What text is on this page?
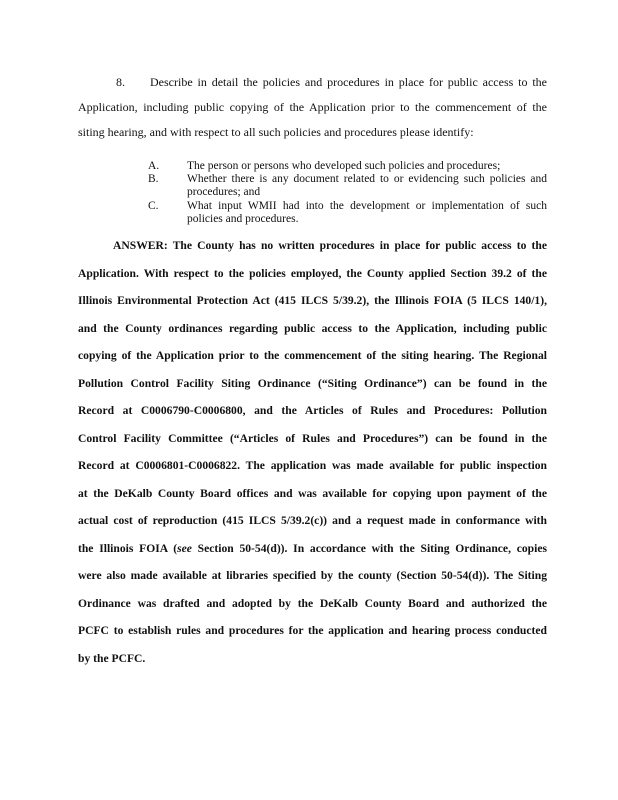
8. Describe in detail the policies and procedures in place for public access to the
Application, including public copying of the Application prior to the commencement of the
siting hearing, and with respect to all such policies and procedures please identify:
A. The person or persons who developed such policies and procedures;
B. Whether there is any document related to or evidencing such policies and
procedures; and
C. What input WMII had into the development or implementation of such
policies and procedures.
ANSWER: The County has no written procedures in place for public access to the
Application. With respect to the policies employed, the County applied Section 39.2 of the
Illinois Environmental Protection Act (415 ILCS 5/39.2), the Illinois FOIA (5 ILCS 140/1),
and the County ordinances regarding public access to the Application, including public
copying of the Application prior to the commencement of the siting hearing. The Regional
Pollution Control Facility Siting Ordinance (“Siting Ordinance”) can be found in the
Record at C0006790-C0006800, and the Articles of Rules and Procedures: Pollution
Control Facility Committee (“Articles of Rules and Procedures”) can be found in the
Record at C0006801-C0006822. The application was made available for public inspection
at the DeKalb County Board offices and was available for copying upon payment of the
actual cost of reproduction (415 ILCS 5/39.2(c)) and a request made in conformance with
the Illinois FOIA (see Section 50-54(d)). In accordance with the Siting Ordinance, copies
were also made available at libraries specified by the county (Section 50-54(d)). The Siting
Ordinance was drafted and adopted by the DeKalb County Board and authorized the
PCFC to establish rules and procedures for the application and hearing process conducted
by the PCFC.
